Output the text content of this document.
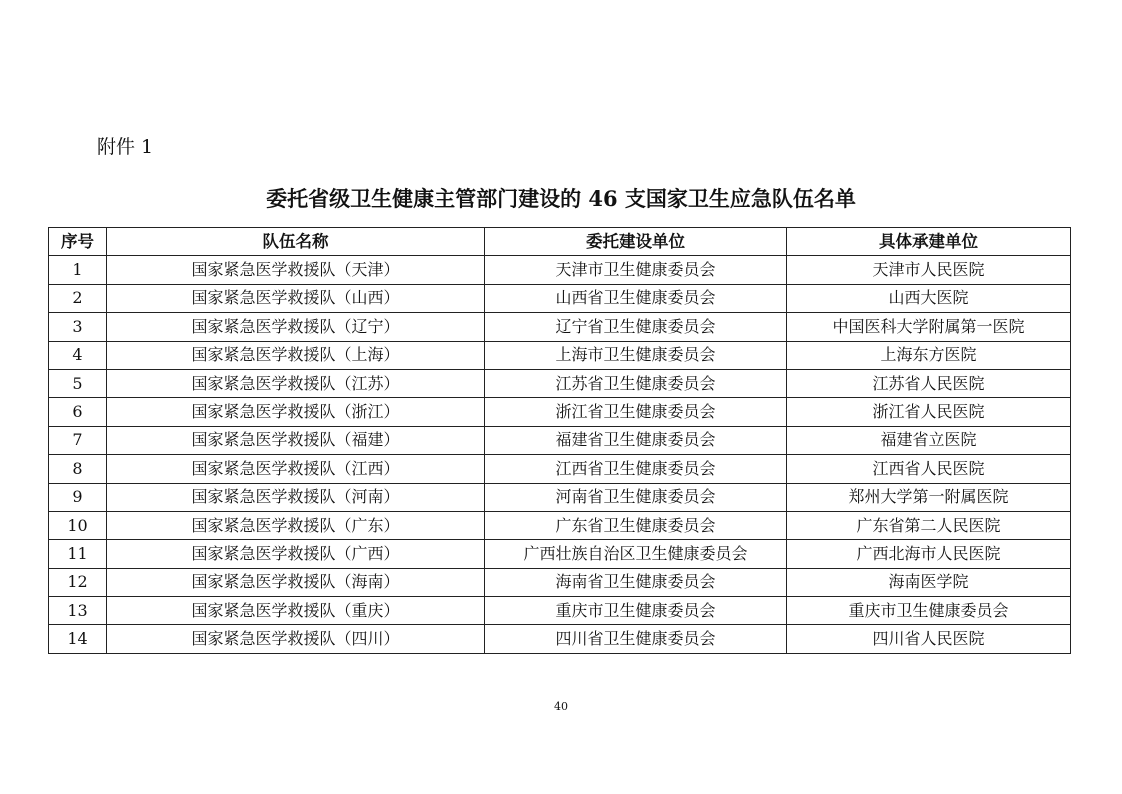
附件 1
委托省级卫生健康主管部门建设的 46 支国家卫生应急队伍名单
序号	队伍名称	委托建设单位	具体承建单位
1	国家紧急医学救援队（天津）	天津市卫生健康委员会	天津市人民医院
2	国家紧急医学救援队（山西）	山西省卫生健康委员会	山西大医院
3	国家紧急医学救援队（辽宁）	辽宁省卫生健康委员会	中国医科大学附属第一医院
4	国家紧急医学救援队（上海）	上海市卫生健康委员会	上海东方医院
5	国家紧急医学救援队（江苏）	江苏省卫生健康委员会	江苏省人民医院
6	国家紧急医学救援队（浙江）	浙江省卫生健康委员会	浙江省人民医院
7	国家紧急医学救援队（福建）	福建省卫生健康委员会	福建省立医院
8	国家紧急医学救援队（江西）	江西省卫生健康委员会	江西省人民医院
9	国家紧急医学救援队（河南）	河南省卫生健康委员会	郑州大学第一附属医院
10	国家紧急医学救援队（广东）	广东省卫生健康委员会	广东省第二人民医院
11	国家紧急医学救援队（广西）	广西壮族自治区卫生健康委员会	广西北海市人民医院
12	国家紧急医学救援队（海南）	海南省卫生健康委员会	海南医学院
13	国家紧急医学救援队（重庆）	重庆市卫生健康委员会	重庆市卫生健康委员会
14	国家紧急医学救援队（四川）	四川省卫生健康委员会	四川省人民医院
40
